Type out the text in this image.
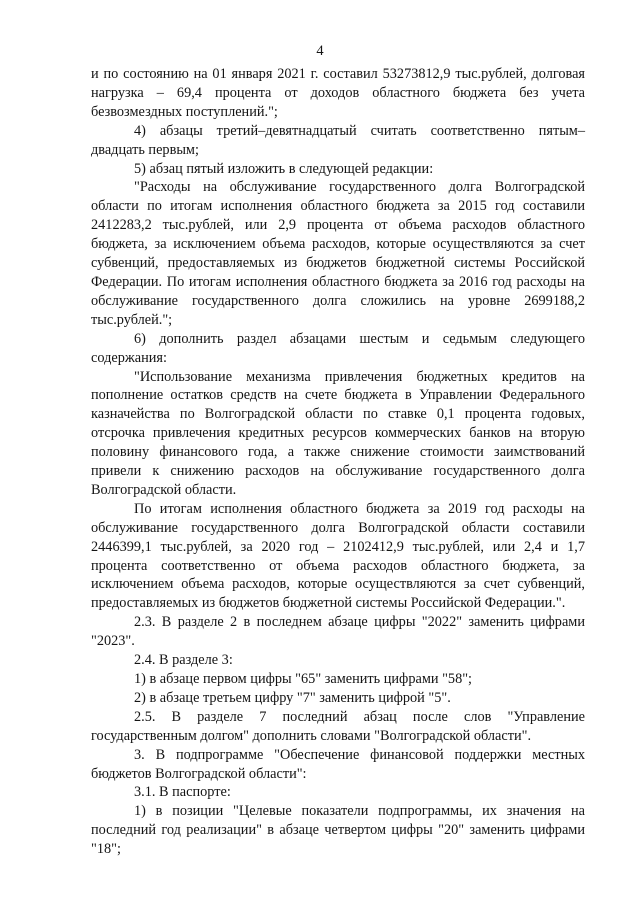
4

и по состоянию на 01 января 2021 г. составил 53273812,9 тыс.рублей, долговая нагрузка – 69,4 процента от доходов областного бюджета без учета безвозмездных поступлений.";

4) абзацы третий–девятнадцатый считать соответственно пятым–двадцать первым;

5) абзац пятый изложить в следующей редакции:

"Расходы на обслуживание государственного долга Волгоградской области по итогам исполнения областного бюджета за 2015 год составили 2412283,2 тыс.рублей, или 2,9 процента от объема расходов областного бюджета, за исключением объема расходов, которые осуществляются за счет субвенций, предоставляемых из бюджетов бюджетной системы Российской Федерации. По итогам исполнения областного бюджета за 2016 год расходы на обслуживание государственного долга сложились на уровне 2699188,2 тыс.рублей.";

6) дополнить раздел абзацами шестым и седьмым следующего содержания:

"Использование механизма привлечения бюджетных кредитов на пополнение остатков средств на счете бюджета в Управлении Федерального казначейства по Волгоградской области по ставке 0,1 процента годовых, отсрочка привлечения кредитных ресурсов коммерческих банков на вторую половину финансового года, а также снижение стоимости заимствований привели к снижению расходов на обслуживание государственного долга Волгоградской области.

По итогам исполнения областного бюджета за 2019 год расходы на обслуживание государственного долга Волгоградской области составили 2446399,1 тыс.рублей, за 2020 год – 2102412,9 тыс.рублей, или 2,4 и 1,7 процента соответственно от объема расходов областного бюджета, за исключением объема расходов, которые осуществляются за счет субвенций, предоставляемых из бюджетов бюджетной системы Российской Федерации.".

2.3. В разделе 2 в последнем абзаце цифры "2022" заменить цифрами "2023".

2.4. В разделе 3:

1) в абзаце первом цифры "65" заменить цифрами "58";

2) в абзаце третьем цифру "7" заменить цифрой "5".

2.5. В разделе 7 последний абзац после слов "Управление государственным долгом" дополнить словами "Волгоградской области".

3. В подпрограмме "Обеспечение финансовой поддержки местных бюджетов Волгоградской области":

3.1. В паспорте:

1) в позиции "Целевые показатели подпрограммы, их значения на последний год реализации" в абзаце четвертом цифры "20" заменить цифрами "18";
